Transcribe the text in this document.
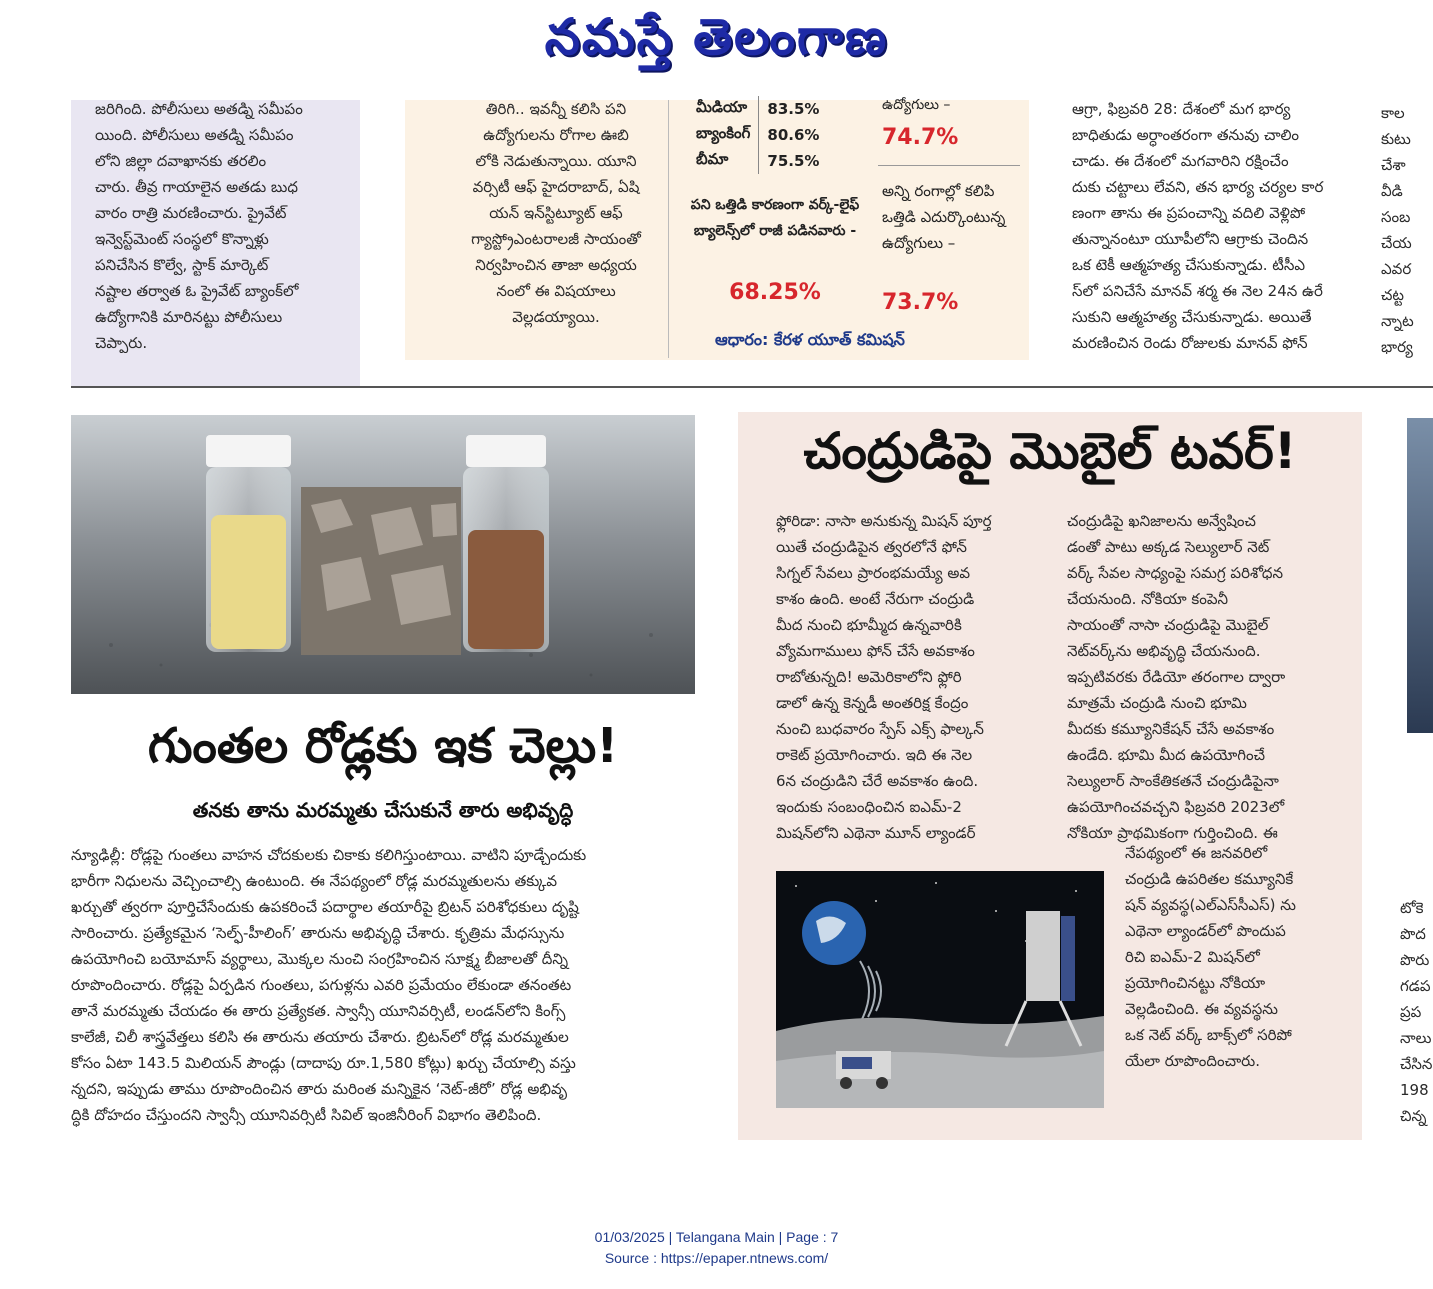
నమస్తే తెలంగాణ
జరిగింది. పోలీసులు అతడ్ని సమీపం
యింది. పోలీసులు అతడ్ని సమీపం
లోని జిల్లా దవాఖానకు తరలిం
చారు. తీవ్ర గాయాలైన అతడు బుధ
వారం రాత్రి మరణించారు. ప్రైవేట్
ఇన్వెస్ట్‌మెంట్ సంస్థలో కొన్నాళ్లు
పనిచేసిన కొల్వే, స్టాక్ మార్కెట్
నష్టాల తర్వాత ఓ ప్రైవేట్ బ్యాంక్‌లో
ఉద్యోగానికి మారినట్టు పోలీసులు
చెప్పారు.
తిరిగి.. ఇవన్నీ కలిసి పని
ఉద్యోగులను రోగాల ఊబి
లోకి నెడుతున్నాయి. యూని
వర్సిటీ ఆఫ్ హైదరాబాద్, ఏషి
యన్ ఇన్‌స్టిట్యూట్ ఆఫ్
గ్యాస్ట్రోఎంటరాలజీ సాయంతో
నిర్వహించిన తాజా అధ్యయ
నంలో ఈ విషయాలు
వెల్లడయ్యాయి.
మీడియా	83.5%
బ్యాంకింగ్	80.6%
బీమా	75.5%
పని ఒత్తిడి కారణంగా వర్క్-లైఫ్ బ్యాలెన్స్‌లో రాజీ పడినవారు -
68.25%
ఉద్యోగులు –
74.7%
అన్ని రంగాల్లో కలిపి ఒత్తిడి ఎదుర్కొంటున్న ఉద్యోగులు –
73.7%
ఆధారం: కేరళ యూత్ కమిషన్
ఆగ్రా, ఫిబ్రవరి 28: దేశంలో మగ భార్య
బాధితుడు అర్ధాంతరంగా తనువు చాలిం
చాడు. ఈ దేశంలో మగవారిని రక్షించేం
దుకు చట్టాలు లేవని, తన భార్య చర్యల కార
ణంగా తాను ఈ ప్రపంచాన్ని వదిలి వెళ్లిపో
తున్నానంటూ యూపీలోని ఆగ్రాకు చెందిన
ఒక టెకీ ఆత్మహత్య చేసుకున్నాడు. టీసీఎ
స్‌లో పనిచేసే మానవ్ శర్మ ఈ నెల 24న ఉరే
సుకుని ఆత్మహత్య చేసుకున్నాడు. అయితే
మరణించిన రెండు రోజులకు మానవ్ ఫోన్
కాల
కుటు
చేశా
వీడి
సంబ
చేయ
ఎవర
చట్ట
న్నాట
భార్య
గుంతల రోడ్లకు ఇక చెల్లు!
తనకు తాను మరమ్మతు చేసుకునే తారు అభివృద్ధి
న్యూఢిల్లీ: రోడ్లపై గుంతలు వాహన చోదకులకు చికాకు కలిగిస్తుంటాయి. వాటిని పూడ్చేందుకు
భారీగా నిధులను వెచ్చించాల్సి ఉంటుంది. ఈ నేపథ్యంలో రోడ్ల మరమ్మతులను తక్కువ
ఖర్చుతో త్వరగా పూర్తిచేసేందుకు ఉపకరించే పదార్థాల తయారీపై బ్రిటన్ పరిశోధకులు దృష్టి
సారించారు. ప్రత్యేకమైన ‘సెల్ఫ్-హీలింగ్’ తారును అభివృద్ధి చేశారు. కృత్రిమ మేధస్సును
ఉపయోగించి బయోమాస్ వ్యర్థాలు, మొక్కల నుంచి సంగ్రహించిన సూక్ష్మ బీజాలతో దీన్ని
రూపొందించారు. రోడ్లపై ఏర్పడిన గుంతలు, పగుళ్లను ఎవరి ప్రమేయం లేకుండా తనంతట
తానే మరమ్మతు చేయడం ఈ తారు ప్రత్యేకత. స్వాన్సీ యూనివర్సిటీ, లండన్‌లోని కింగ్స్
కాలేజీ, చిలీ శాస్త్రవేత్తలు కలిసి ఈ తారును తయారు చేశారు. బ్రిటన్‌లో రోడ్ల మరమ్మతుల
కోసం ఏటా 143.5 మిలియన్ పౌండ్లు (దాదాపు రూ.1,580 కోట్లు) ఖర్చు చేయాల్సి వస్తు
న్నదని, ఇప్పుడు తాము రూపొందించిన తారు మరింత మన్నికైన ‘నెట్-జీరో’ రోడ్ల అభివృ
ద్ధికి దోహదం చేస్తుందని స్వాన్సీ యూనివర్సిటీ సివిల్ ఇంజినీరింగ్ విభాగం తెలిపింది.
చంద్రుడిపై మొబైల్ టవర్!
ఫ్లోరిడా: నాసా అనుకున్న మిషన్ పూర్త
యితే చంద్రుడిపైన త్వరలోనే ఫోన్
సిగ్నల్ సేవలు ప్రారంభమయ్యే అవ
కాశం ఉంది. అంటే నేరుగా చంద్రుడి
మీద నుంచి భూమ్మీద ఉన్నవారికి
వ్యోమగాములు ఫోన్ చేసే అవకాశం
రాబోతున్నది! అమెరికాలోని ఫ్లోరి
డాలో ఉన్న కెన్నడీ అంతరిక్ష కేంద్రం
నుంచి బుధవారం స్పేస్ ఎక్స్ ఫాల్కన్
రాకెట్ ప్రయోగించారు. ఇది ఈ నెల
6న చంద్రుడిని చేరే అవకాశం ఉంది.
ఇందుకు సంబంధించిన ఐఎమ్-2
మిషన్‌లోని ఎథెనా మూన్ ల్యాండర్
చంద్రుడిపై ఖనిజాలను అన్వేషించ
డంతో పాటు అక్కడ సెల్యులార్ నెట్
వర్క్ సేవల సాధ్యంపై సమగ్ర పరిశోధన
చేయనుంది. నోకియా కంపెనీ
సాయంతో నాసా చంద్రుడిపై మొబైల్
నెట్‌వర్క్‌ను అభివృద్ధి చేయనుంది.
ఇప్పటివరకు రేడియో తరంగాల ద్వారా
మాత్రమే చంద్రుడి నుంచి భూమి
మీదకు కమ్యూనికేషన్ చేసే అవకాశం
ఉండేది. భూమి మీద ఉపయోగించే
సెల్యులార్ సాంకేతికతనే చంద్రుడిపైనా
ఉపయోగించవచ్చని ఫిబ్రవరి 2023లో
నోకియా ప్రాథమికంగా గుర్తించింది. ఈ
నేపథ్యంలో ఈ జనవరిలో
చంద్రుడి ఉపరితల కమ్యూనికే
షన్ వ్యవస్థ(ఎల్ఎస్‌సీఎస్) ను
ఎథెనా ల్యాండర్‌లో పొందుప
రిచి ఐఎమ్-2 మిషన్‌లో
ప్రయోగించినట్టు నోకియా
వెల్లడించింది. ఈ వ్యవస్థను
ఒక నెట్ వర్క్ బాక్స్‌లో సరిపో
యేలా రూపొందించారు.
టోకె
పొద
పొరు
గడప
ప్రప
నాలు
చేసిన
198
చిన్న
01/03/2025 | Telangana Main | Page : 7
Source : https://epaper.ntnews.com/
